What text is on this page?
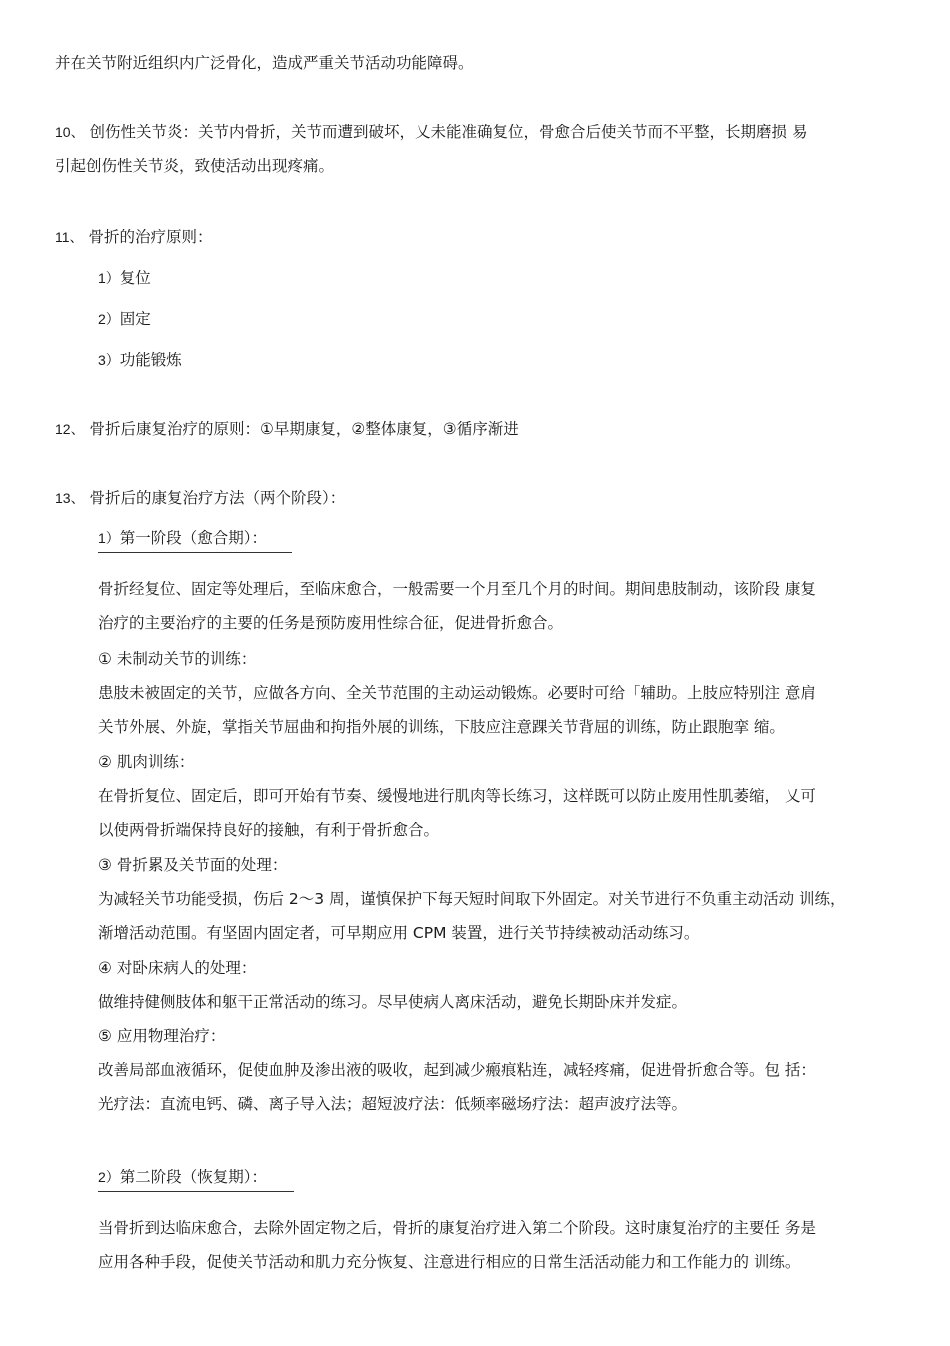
并在关节附近组织内广泛骨化，造成严重关节活动功能障碍。
10、 创伤性关节炎：关节内骨折，关节而遭到破坏，乂未能准确复位，骨愈合后使关节而不平整，长期磨损 易
引起创伤性关节炎，致使活动出现疼痛。
11、 骨折的治疗原则：
1）复位
2）固定
3）功能锻炼
12、 骨折后康复治疗的原则：①早期康复，②整体康复，③循序渐进
13、 骨折后的康复治疗方法（两个阶段）：
1）第一阶段（愈合期）：
骨折经复位、固定等处理后，至临床愈合，一般需要一个月至几个月的时间。期间患肢制动，该阶段 康复
治疗的主要治疗的主要的任务是预防废用性综合征，促进骨折愈合。
① 未制动关节的训练：
患肢未被固定的关节，应做各方向、全关节范围的主动运动锻炼。必要时可给「辅助。上肢应特别注 意肩
关节外展、外旋，掌指关节屈曲和拘指外展的训练，下肢应注意踝关节背屈的训练，防止跟胞挛 缩。
② 肌肉训练：
在骨折复位、固定后，即可开始有节奏、缓慢地进行肌肉等长练习，这样既可以防止废用性肌萎缩， 乂可
以使两骨折端保持良好的接触，有利于骨折愈合。
③ 骨折累及关节面的处理：
为减轻关节功能受损，伤后 2〜3 周，谨慎保护下每天短时间取下外固定。对关节进行不负重主动活动 训练，
渐增活动范围。有坚固内固定者，可早期应用 CPM 装置，进行关节持续被动活动练习。
④ 对卧床病人的处理：
做维持健侧肢体和躯干正常活动的练习。尽早使病人离床活动，避免长期卧床并发症。
⑤ 应用物理治疗：
改善局部血液循环，促使血肿及渗出液的吸收，起到减少瘢痕粘连，减轻疼痛，促进骨折愈合等。包 括：
光疗法：直流电钙、磷、离子导入法；超短波疗法：低频率磁场疗法：超声波疗法等。
2）第二阶段（恢复期）：
当骨折到达临床愈合，去除外固定物之后，骨折的康复治疗进入第二个阶段。这时康复治疗的主要任 务是
应用各种手段，促使关节活动和肌力充分恢复、注意进行相应的日常生活活动能力和工作能力的 训练。
